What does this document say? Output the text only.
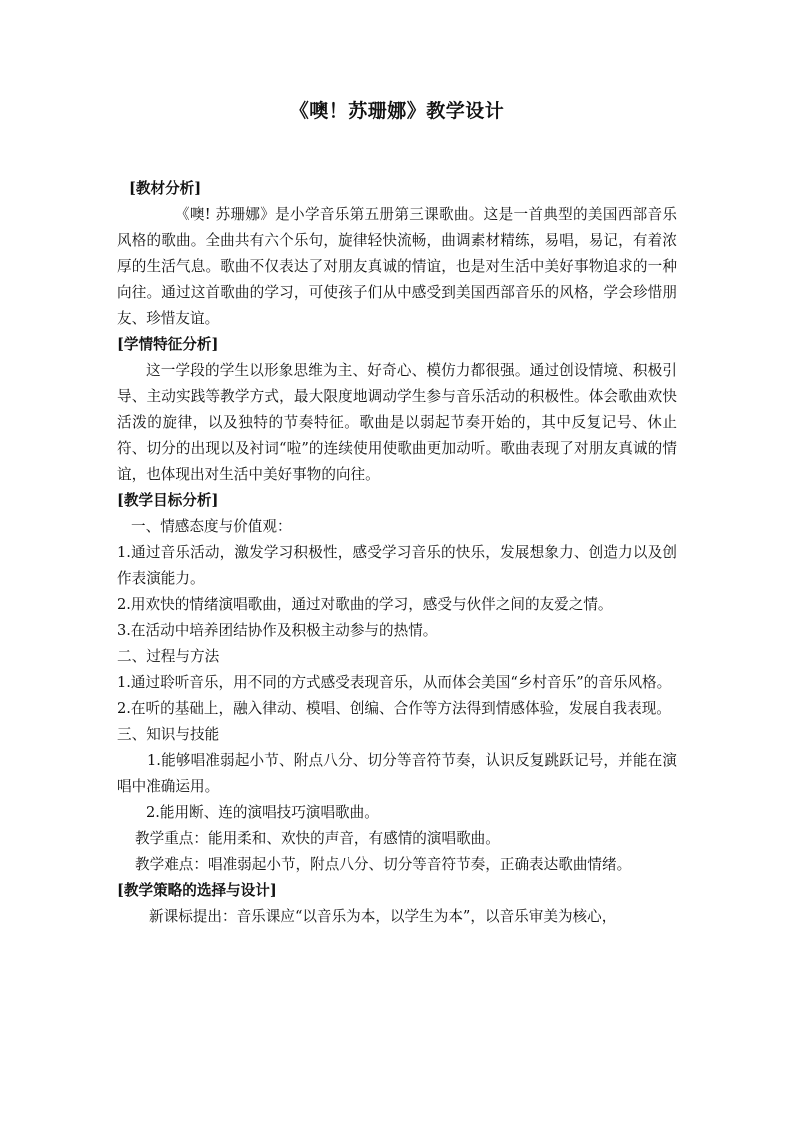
《噢！苏珊娜》教学设计

[教材分析]

《噢! 苏珊娜》是小学音乐第五册第三课歌曲。这是一首典型的美国西部音乐风格的歌曲。全曲共有六个乐句，旋律轻快流畅，曲调素材精练，易唱，易记，有着浓厚的生活气息。歌曲不仅表达了对朋友真诚的情谊，也是对生活中美好事物追求的一种向往。通过这首歌曲的学习，可使孩子们从中感受到美国西部音乐的风格，学会珍惜朋友、珍惜友谊。

[学情特征分析]

这一学段的学生以形象思维为主、好奇心、模仿力都很强。通过创设情境、积极引导、主动实践等教学方式，最大限度地调动学生参与音乐活动的积极性。体会歌曲欢快活泼的旋律，以及独特的节奏特征。歌曲是以弱起节奏开始的，其中反复记号、休止符、切分的出现以及衬词“啦”的连续使用使歌曲更加动听。歌曲表现了对朋友真诚的情谊，也体现出对生活中美好事物的向往。

[教学目标分析]

一、情感态度与价值观：

1.通过音乐活动，激发学习积极性，感受学习音乐的快乐，发展想象力、创造力以及创作表演能力。

2.用欢快的情绪演唱歌曲，通过对歌曲的学习，感受与伙伴之间的友爱之情。

3.在活动中培养团结协作及积极主动参与的热情。

二、过程与方法

1.通过聆听音乐，用不同的方式感受表现音乐，从而体会美国“乡村音乐”的音乐风格。

2.在听的基础上，融入律动、模唱、创编、合作等方法得到情感体验，发展自我表现。

三、知识与技能

1.能够唱准弱起小节、附点八分、切分等音符节奏，认识反复跳跃记号，并能在演唱中准确运用。

2.能用断、连的演唱技巧演唱歌曲。

教学重点：能用柔和、欢快的声音，有感情的演唱歌曲。

教学难点：唱准弱起小节，附点八分、切分等音符节奏，正确表达歌曲情绪。

[教学策略的选择与设计]

新课标提出：音乐课应“以音乐为本，以学生为本”，以音乐审美为核心，
